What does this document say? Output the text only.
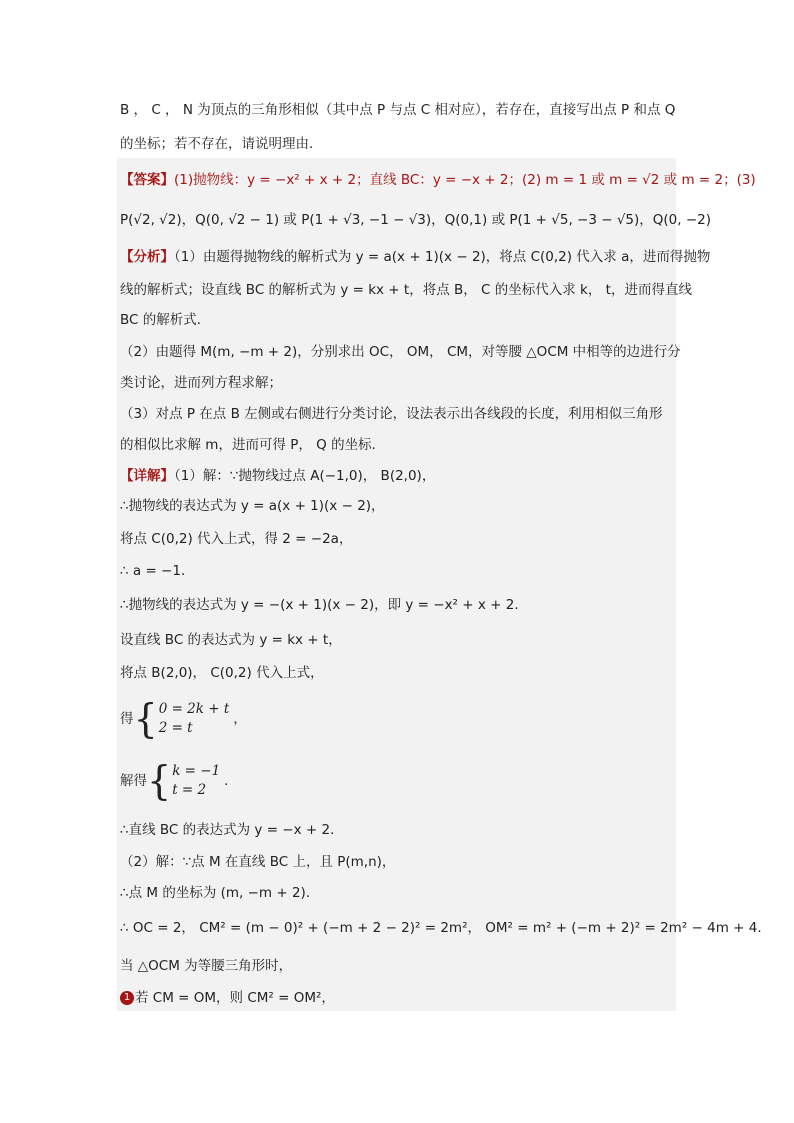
B ， C ， N 为顶点的三角形相似（其中点 P 与点 C 相对应），若存在，直接写出点 P 和点 Q
的坐标；若不存在，请说明理由．
【答案】(1)抛物线：y = −x² + x + 2；直线 BC：y = −x + 2；(2) m = 1 或 m = √2 或 m = 2；(3)
P(√2, √2)，Q(0, √2 − 1) 或 P(1 + √3, −1 − √3)，Q(0,1) 或 P(1 + √5, −3 − √5)，Q(0, −2)
【分析】（1）由题得抛物线的解析式为 y = a(x + 1)(x − 2)，将点 C(0,2) 代入求 a，进而得抛物
线的解析式；设直线 BC 的解析式为 y = kx + t，将点 B， C 的坐标代入求 k， t，进而得直线
BC 的解析式．
（2）由题得 M(m, −m + 2)，分别求出 OC， OM， CM，对等腰 △OCM 中相等的边进行分
类讨论，进而列方程求解；
（3）对点 P 在点 B 左侧或右侧进行分类讨论，设法表示出各线段的长度，利用相似三角形
的相似比求解 m，进而可得 P， Q 的坐标．
【详解】（1）解：∵抛物线过点 A(−1,0)， B(2,0)，
∴抛物线的表达式为 y = a(x + 1)(x − 2)，
将点 C(0,2) 代入上式，得 2 = −2a，
∴ a = −1．
∴抛物线的表达式为 y = −(x + 1)(x − 2)，即 y = −x² + x + 2．
设直线 BC 的表达式为 y = kx + t，
将点 B(2,0)， C(0,2) 代入上式，
得 { 0 = 2k + t
2 = t
，
解得 { k = −1
t = 2
．
∴直线 BC 的表达式为 y = −x + 2．
（2）解：∵点 M 在直线 BC 上，且 P(m,n)，
∴点 M 的坐标为 (m, −m + 2)．
∴ OC = 2， CM² = (m − 0)² + (−m + 2 − 2)² = 2m²， OM² = m² + (−m + 2)² = 2m² − 4m + 4．
当 △OCM 为等腰三角形时，
1 若 CM = OM，则 CM² = OM²，
